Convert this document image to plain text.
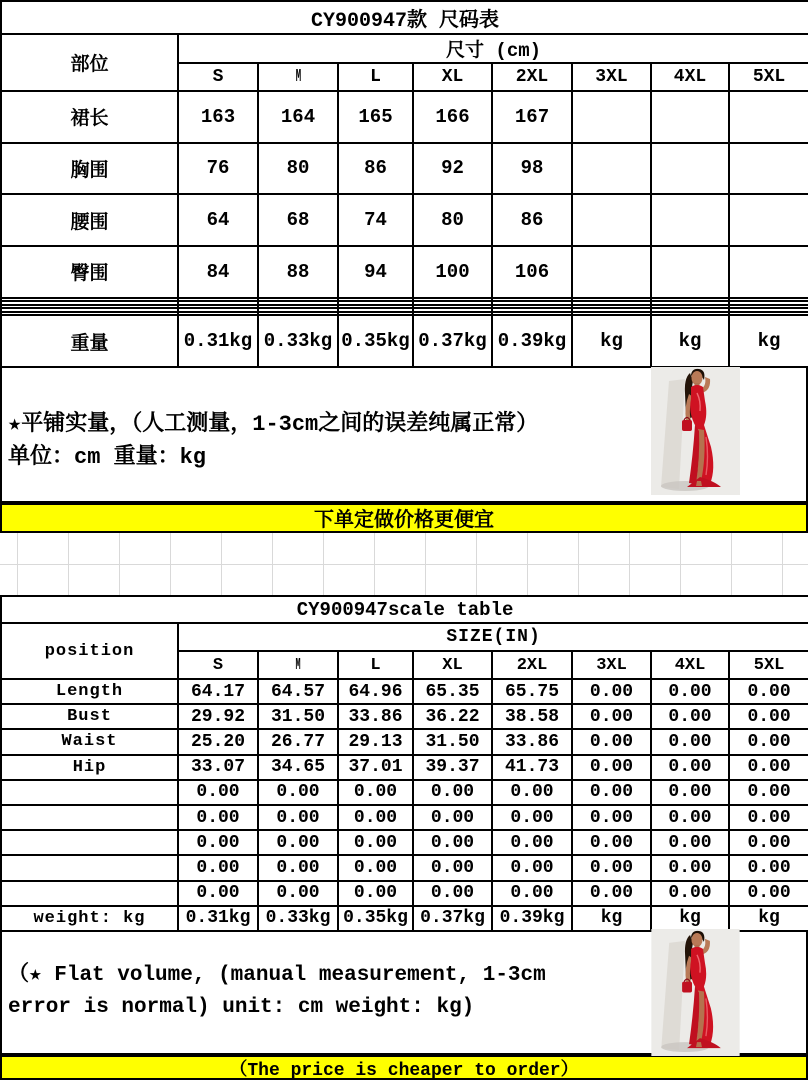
CY900947款 尺码表								
部位	尺寸 (cm)							
	S	M	L	XL	2XL	3XL	4XL	5XL
裙长	163	164	165	166	167			
胸围	76	80	86	92	98			
腰围	64	68	74	80	86			
臀围	84	88	94	100	106			

重量	0.31kg	0.33kg	0.35kg	0.37kg	0.39kg	kg	kg	kg
★平铺实量，（人工测量，1-3cm之间的误差纯属正常）
单位：cm 重量：kg
下单定做价格更便宜
CY900947scale table								
position	SIZE(IN)							
	S	M	L	XL	2XL	3XL	4XL	5XL
Length	64.17	64.57	64.96	65.35	65.75	0.00	0.00	0.00
Bust	29.92	31.50	33.86	36.22	38.58	0.00	0.00	0.00
Waist	25.20	26.77	29.13	31.50	33.86	0.00	0.00	0.00
Hip	33.07	34.65	37.01	39.37	41.73	0.00	0.00	0.00
	0.00	0.00	0.00	0.00	0.00	0.00	0.00	0.00
	0.00	0.00	0.00	0.00	0.00	0.00	0.00	0.00
	0.00	0.00	0.00	0.00	0.00	0.00	0.00	0.00
	0.00	0.00	0.00	0.00	0.00	0.00	0.00	0.00
	0.00	0.00	0.00	0.00	0.00	0.00	0.00	0.00
weight: kg	0.31kg	0.33kg	0.35kg	0.37kg	0.39kg	kg	kg	kg
（★ Flat volume, (manual measurement, 1-3cm
error is normal) unit: cm weight: kg)
（The price is cheaper to order）
